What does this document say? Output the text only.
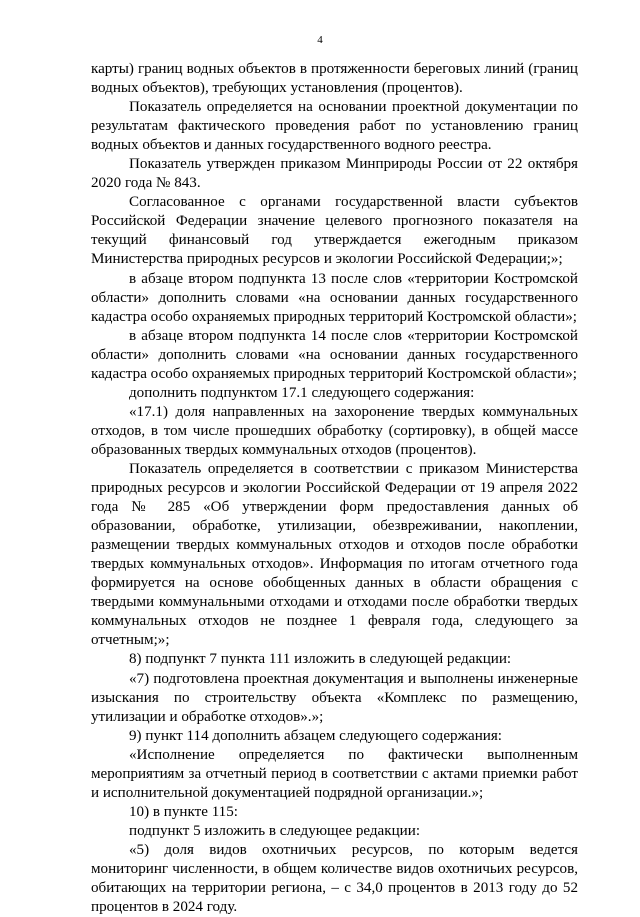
4

карты) границ водных объектов в протяженности береговых линий (границ водных объектов), требующих установления (процентов).

Показатель определяется на основании проектной документации по результатам фактического проведения работ по установлению границ водных объектов и данных государственного водного реестра.

Показатель утвержден приказом Минприроды России от 22 октября 2020 года № 843.

Согласованное с органами государственной власти субъектов Российской Федерации значение целевого прогнозного показателя на текущий финансовый год утверждается ежегодным приказом Министерства природных ресурсов и экологии Российской Федерации;»;

в абзаце втором подпункта 13 после слов «территории Костромской области» дополнить словами «на основании данных государственного кадастра особо охраняемых природных территорий Костромской области»;

в абзаце втором подпункта 14 после слов «территории Костромской области» дополнить словами «на основании данных государственного кадастра особо охраняемых природных территорий Костромской области»;

дополнить подпунктом 17.1 следующего содержания:

«17.1) доля направленных на захоронение твердых коммунальных отходов, в том числе прошедших обработку (сортировку), в общей массе образованных твердых коммунальных отходов (процентов).

Показатель определяется в соответствии с приказом Министерства природных ресурсов и экологии Российской Федерации от 19 апреля 2022 года № 285 «Об утверждении форм предоставления данных об образовании, обработке, утилизации, обезвреживании, накоплении, размещении твердых коммунальных отходов и отходов после обработки твердых коммунальных отходов». Информация по итогам отчетного года формируется на основе обобщенных данных в области обращения с твердыми коммунальными отходами и отходами после обработки твердых коммунальных отходов не позднее 1 февраля года, следующего за отчетным;»;

8) подпункт 7 пункта 111 изложить в следующей редакции:

«7) подготовлена проектная документация и выполнены инженерные изыскания по строительству объекта «Комплекс по размещению, утилизации и обработке отходов».»;

9) пункт 114 дополнить абзацем следующего содержания:

«Исполнение определяется по фактически выполненным мероприятиям за отчетный период в соответствии с актами приемки работ и исполнительной документацией подрядной организации.»;

10) в пункте 115:

подпункт 5 изложить в следующее редакции:

«5) доля видов охотничьих ресурсов, по которым ведется мониторинг численности, в общем количестве видов охотничьих ресурсов, обитающих на территории региона, – с 34,0 процентов в 2013 году до 52 процентов в 2024 году.
